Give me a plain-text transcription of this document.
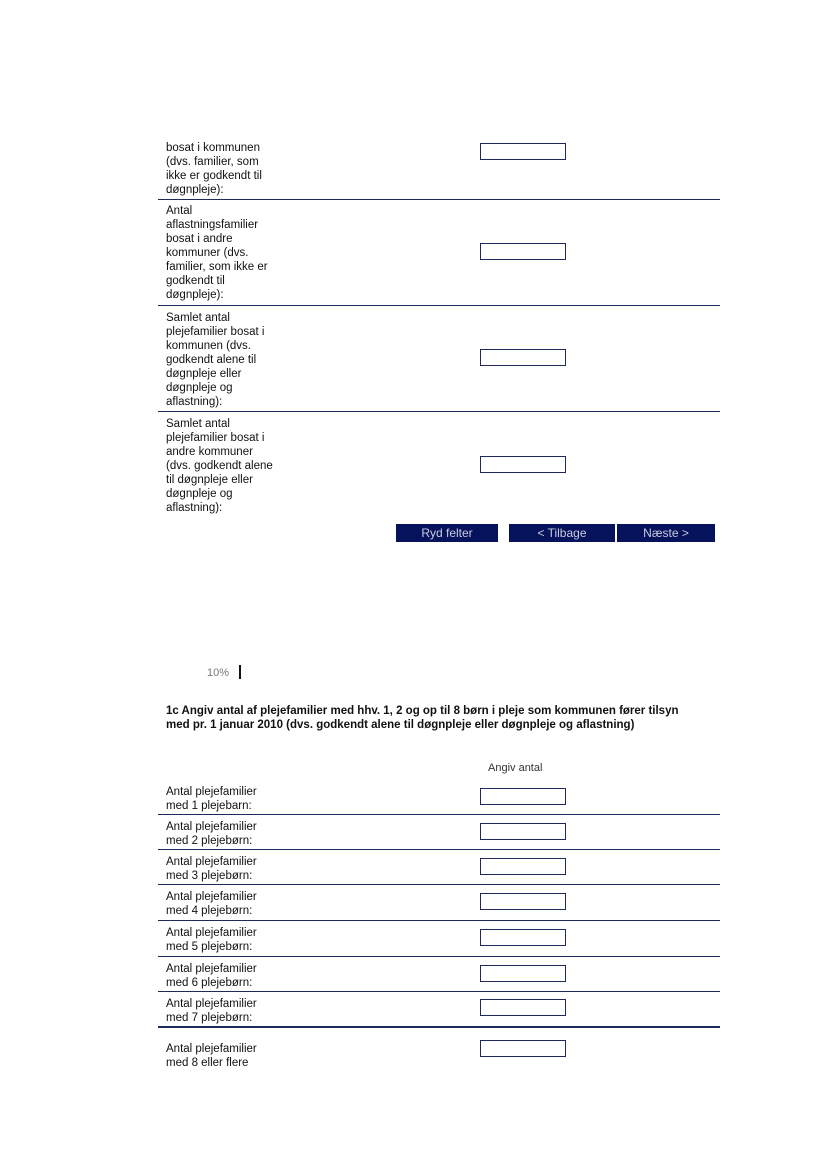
bosat i kommunen
(dvs. familier, som
ikke er godkendt til
døgnpleje):
Antal
aflastningsfamilier
bosat i andre
kommuner (dvs.
familier, som ikke er
godkendt til
døgnpleje):
Samlet antal
plejefamilier bosat i
kommunen (dvs.
godkendt alene til
døgnpleje eller
døgnpleje og
aflastning):
Samlet antal
plejefamilier bosat i
andre kommuner
(dvs. godkendt alene
til døgnpleje eller
døgnpleje og
aflastning):
Ryd felter	< Tilbage	Næste >
10%
1c Angiv antal af plejefamilier med hhv. 1, 2 og op til 8 børn i pleje som kommunen fører tilsyn med pr. 1 januar 2010 (dvs. godkendt alene til døgnpleje eller døgnpleje og aflastning)
Angiv antal
Antal plejefamilier
med 1 plejebarn:
Antal plejefamilier
med 2 plejebørn:
Antal plejefamilier
med 3 plejebørn:
Antal plejefamilier
med 4 plejebørn:
Antal plejefamilier
med 5 plejebørn:
Antal plejefamilier
med 6 plejebørn:
Antal plejefamilier
med 7 plejebørn:
Antal plejefamilier
med 8 eller flere
